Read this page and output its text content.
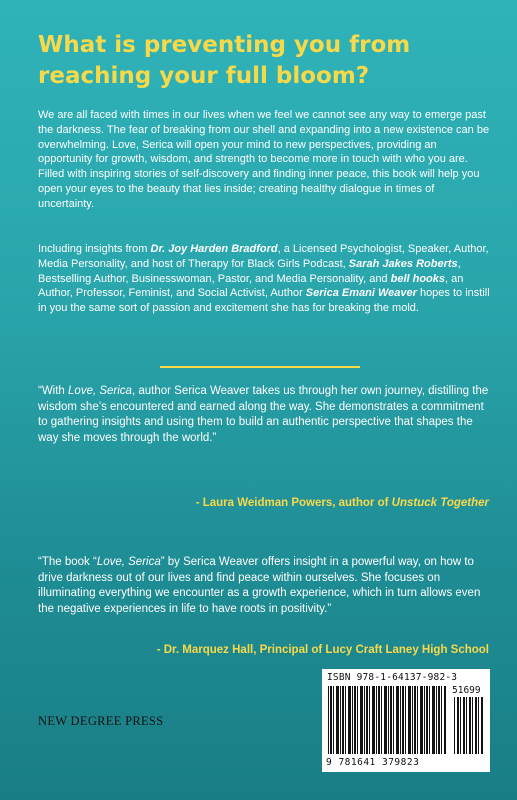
What is preventing you from reaching your full bloom?
We are all faced with times in our lives when we feel we cannot see any way to emerge past the darkness. The fear of breaking from our shell and expanding into a new existence can be overwhelming. Love, Serica will open your mind to new perspectives, providing an opportunity for growth, wisdom, and strength to become more in touch with who you are. Filled with inspiring stories of self-discovery and finding inner peace, this book will help you open your eyes to the beauty that lies inside; creating healthy dialogue in times of uncertainty.
Including insights from Dr. Joy Harden Bradford, a Licensed Psychologist, Speaker, Author, Media Personality, and host of Therapy for Black Girls Podcast, Sarah Jakes Roberts, Bestselling Author, Businesswoman, Pastor, and Media Personality, and bell hooks, an Author, Professor, Feminist, and Social Activist, Author Serica Emani Weaver hopes to instill in you the same sort of passion and excitement she has for breaking the mold.
“With Love, Serica, author Serica Weaver takes us through her own journey, distilling the wisdom she’s encountered and earned along the way. She demonstrates a commitment to gathering insights and using them to build an authentic perspective that shapes the way she moves through the world.”
- Laura Weidman Powers, author of Unstuck Together
“The book “Love, Serica” by Serica Weaver offers insight in a powerful way, on how to drive darkness out of our lives and find peace within ourselves. She focuses on illuminating everything we encounter as a growth experience, which in turn allows even the negative experiences in life to have roots in positivity.”
- Dr. Marquez Hall, Principal of Lucy Craft Laney High School
NEW DEGREE PRESS
ISBN 978-1-64137-982-3
51699
9 781641 379823
